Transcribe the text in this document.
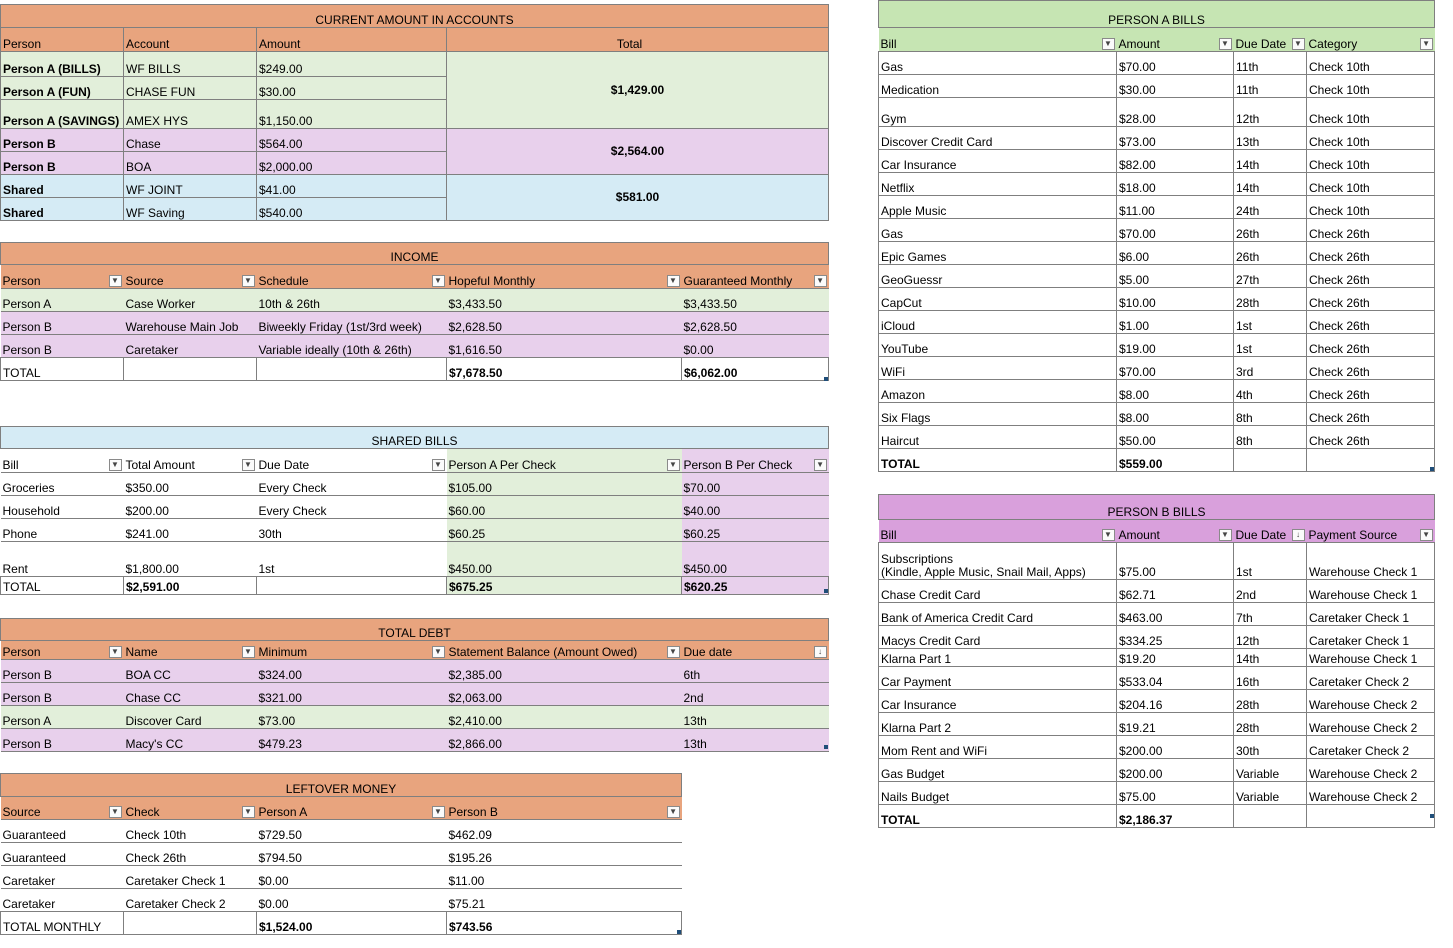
CURRENT AMOUNT IN ACCOUNTS			
Person	Account	Amount	Total
Person A (BILLS)	WF BILLS	$249.00	$1,429.00
Person A (FUN)	CHASE FUN	$30.00	
Person A (SAVINGS)	AMEX HYS	$1,150.00	
Person B	Chase	$564.00	$2,564.00
Person B	BOA	$2,000.00	
Shared	WF JOINT	$41.00	$581.00
Shared	WF Saving	$540.00	
INCOME				
Person ▼	Source ▼	Schedule ▼	Hopeful Monthly ▼	Guaranteed Monthly ▼

Person A	Case Worker	10th & 26th	$3,433.50	$3,433.50
Person B	Warehouse Main Job	Biweekly Friday (1st/3rd week)	$2,628.50	$2,628.50
Person B	Caretaker	Variable ideally (10th & 26th)	$1,616.50	$0.00
TOTAL			$7,678.50	$6,062.00
SHARED BILLS				
Bill ▼	Total Amount ▼	Due Date ▼	Person A Per Check ▼	Person B Per Check ▼

Groceries	$350.00	Every Check	$105.00	$70.00
Household	$200.00	Every Check	$60.00	$40.00
Phone	$241.00	30th	$60.25	$60.25
Rent	$1,800.00	1st	$450.00	$450.00
TOTAL	$2,591.00		$675.25	$620.25
TOTAL DEBT				
Person ▼	Name ▼	Minimum ▼	Statement Balance (Amount Owed) ▼	Due date ↓

Person B	BOA CC	$324.00	$2,385.00	6th
Person B	Chase CC	$321.00	$2,063.00	2nd
Person A	Discover Card	$73.00	$2,410.00	13th
Person B	Macy's CC	$479.23	$2,866.00	13th
LEFTOVER MONEY			
Source ▼	Check ▼	Person A ▼	Person B ▼

Guaranteed	Check 10th	$729.50	$462.09
Guaranteed	Check 26th	$794.50	$195.26
Caretaker	Caretaker Check 1	$0.00	$11.00
Caretaker	Caretaker Check 2	$0.00	$75.21
TOTAL MONTHLY		$1,524.00	$743.56
PERSON A BILLS			
Bill ▼	Amount ▼	Due Date ▼	Category ▼

Gas	$70.00	11th	Check 10th
Medication	$30.00	11th	Check 10th
Gym	$28.00	12th	Check 10th
Discover Credit Card	$73.00	13th	Check 10th
Car Insurance	$82.00	14th	Check 10th
Netflix	$18.00	14th	Check 10th
Apple Music	$11.00	24th	Check 10th
Gas	$70.00	26th	Check 26th
Epic Games	$6.00	26th	Check 26th
GeoGuessr	$5.00	27th	Check 26th
CapCut	$10.00	28th	Check 26th
iCloud	$1.00	1st	Check 26th
YouTube	$19.00	1st	Check 26th
WiFi	$70.00	3rd	Check 26th
Amazon	$8.00	4th	Check 26th
Six Flags	$8.00	8th	Check 26th
Haircut	$50.00	8th	Check 26th
TOTAL	$559.00		
PERSON B BILLS			
Bill ▼	Amount ▼	Due Date ↓	Payment Source ▼

Subscriptions
(Kindle, Apple Music, Snail Mail, Apps)	$75.00	1st	Warehouse Check 1
Chase Credit Card	$62.71	2nd	Warehouse Check 1
Bank of America Credit Card	$463.00	7th	Caretaker Check 1
Macys Credit Card	$334.25	12th	Caretaker Check 1
Klarna Part 1	$19.20	14th	Warehouse Check 1
Car Payment	$533.04	16th	Caretaker Check 2
Car Insurance	$204.16	28th	Warehouse Check 2
Klarna Part 2	$19.21	28th	Warehouse Check 2
Mom Rent and WiFi	$200.00	30th	Caretaker Check 2
Gas Budget	$200.00	Variable	Warehouse Check 2
Nails Budget	$75.00	Variable	Warehouse Check 2
TOTAL	$2,186.37		
